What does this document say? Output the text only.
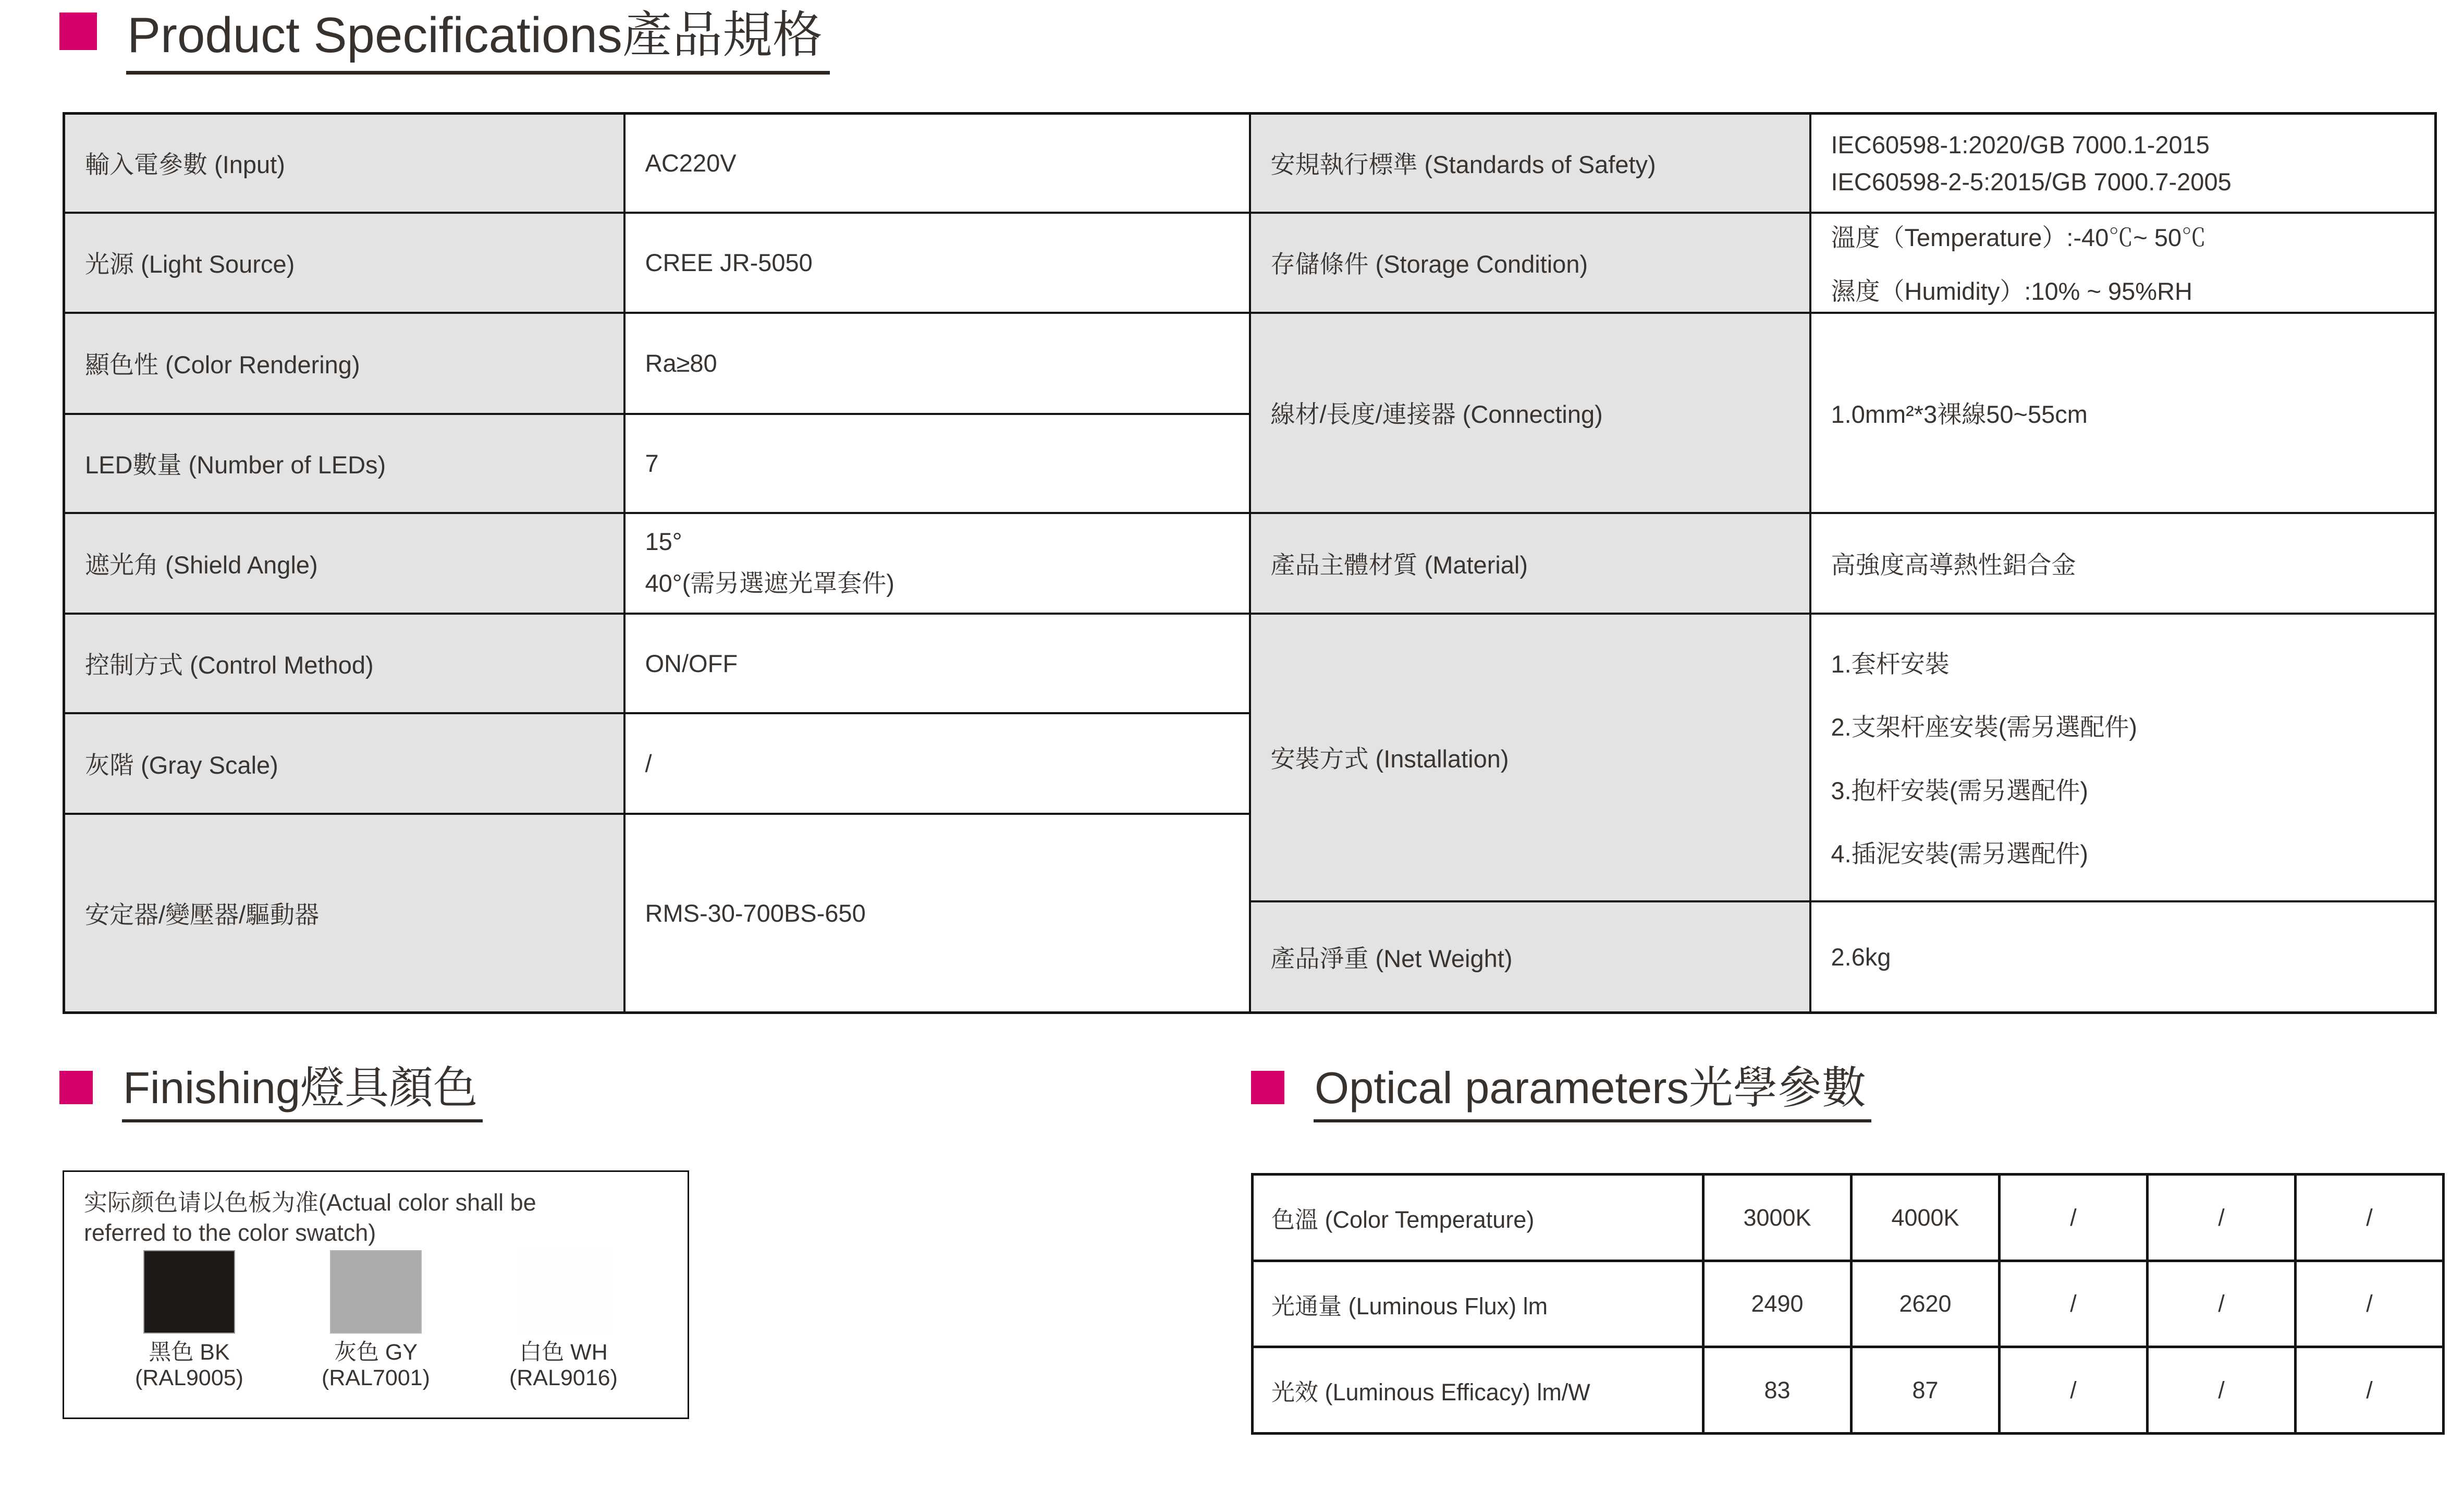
Product Specifications產品規格
輸入電參數 (Input)	AC220V	安規執行標準 (Standards of Safety)	IEC60598-1:2020/GB 7000.1-2015
IEC60598-2-5:2015/GB 7000.7-2005

光源 (Light Source)	CREE JR-5050	存儲條件 (Storage Condition)	溫度（Temperature）:-40℃~ 50℃
濕度（Humidity）:10% ~ 95%RH

顯色性 (Color Rendering)	Ra≥80	線材/長度/連接器 (Connecting)	1.0mm²*3裸線50~55cm
LED數量 (Number of LEDs)	7		
遮光角 (Shield Angle)	15°
40°(需另選遮光罩套件)	產品主體材質 (Material)	高強度高導熱性鋁合金
控制方式 (Control Method)	ON/OFF	安裝方式 (Installation)	1.套杆安裝
2.支架杆座安裝(需另選配件)
3.抱杆安裝(需另選配件)
4.插泥安裝(需另選配件)

灰階 (Gray Scale)	/		
安定器/變壓器/驅動器	RMS-30-700BS-650		
		產品淨重 (Net Weight)	2.6kg
Finishing燈具顏色
实际颜色请以色板为准(Actual color shall be
referred to the color swatch)
黑色 BK
(RAL9005)
灰色 GY
(RAL7001)
白色 WH
(RAL9016)
Optical parameters光學參數
色溫 (Color Temperature)	3000K	4000K	/	/	/
光通量 (Luminous Flux) lm	2490	2620	/	/	/
光效 (Luminous Efficacy) lm/W	83	87	/	/	/
